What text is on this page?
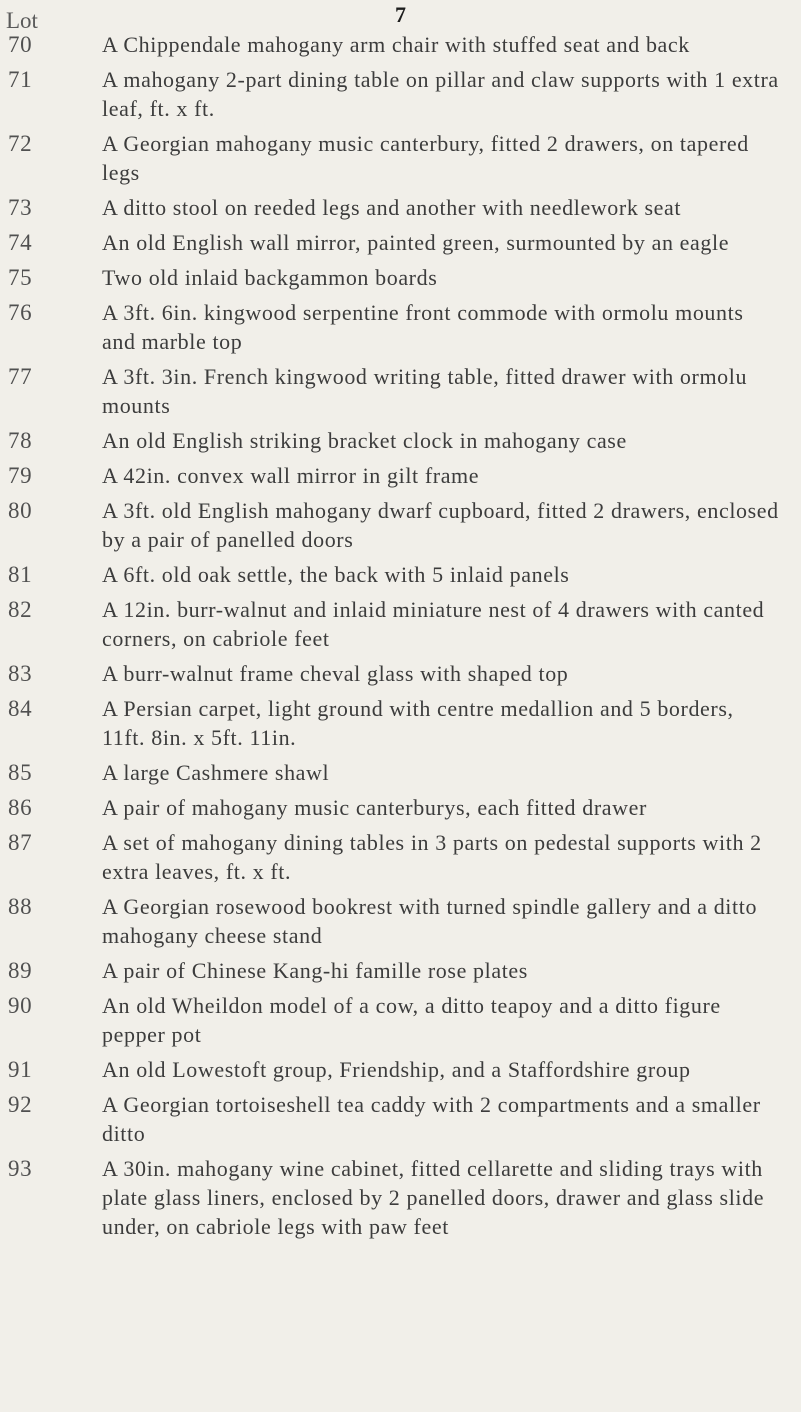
7
Lot
70	A Chippendale mahogany arm chair with stuffed seat and back
71	A mahogany 2-part dining table on pillar and claw supports with 1 extra leaf, ft. x ft.
72	A Georgian mahogany music canterbury, fitted 2 drawers, on tapered legs
73	A ditto stool on reeded legs and another with needlework seat
74	An old English wall mirror, painted green, surmounted by an eagle
75	Two old inlaid backgammon boards
76	A 3ft. 6in. kingwood serpentine front commode with ormolu mounts and marble top
77	A 3ft. 3in. French kingwood writing table, fitted drawer with ormolu mounts
78	An old English striking bracket clock in mahogany case
79	A 42in. convex wall mirror in gilt frame
80	A 3ft. old English mahogany dwarf cupboard, fitted 2 drawers, enclosed by a pair of panelled doors
81	A 6ft. old oak settle, the back with 5 inlaid panels
82	A 12in. burr-walnut and inlaid miniature nest of 4 drawers with canted corners, on cabriole feet
83	A burr-walnut frame cheval glass with shaped top
84	A Persian carpet, light ground with centre medallion and 5 borders, 11ft. 8in. x 5ft. 11in.
85	A large Cashmere shawl
86	A pair of mahogany music canterburys, each fitted drawer
87	A set of mahogany dining tables in 3 parts on pedestal supports with 2 extra leaves, ft. x ft.
88	A Georgian rosewood bookrest with turned spindle gallery and a ditto mahogany cheese stand
89	A pair of Chinese Kang-hi famille rose plates
90	An old Wheildon model of a cow, a ditto teapoy and a ditto figure pepper pot
91	An old Lowestoft group, Friendship, and a Staffordshire group
92	A Georgian tortoiseshell tea caddy with 2 compartments and a smaller ditto
93	A 30in. mahogany wine cabinet, fitted cellarette and sliding trays with plate glass liners, enclosed by 2 panelled doors, drawer and glass slide under, on cabriole legs with paw feet
